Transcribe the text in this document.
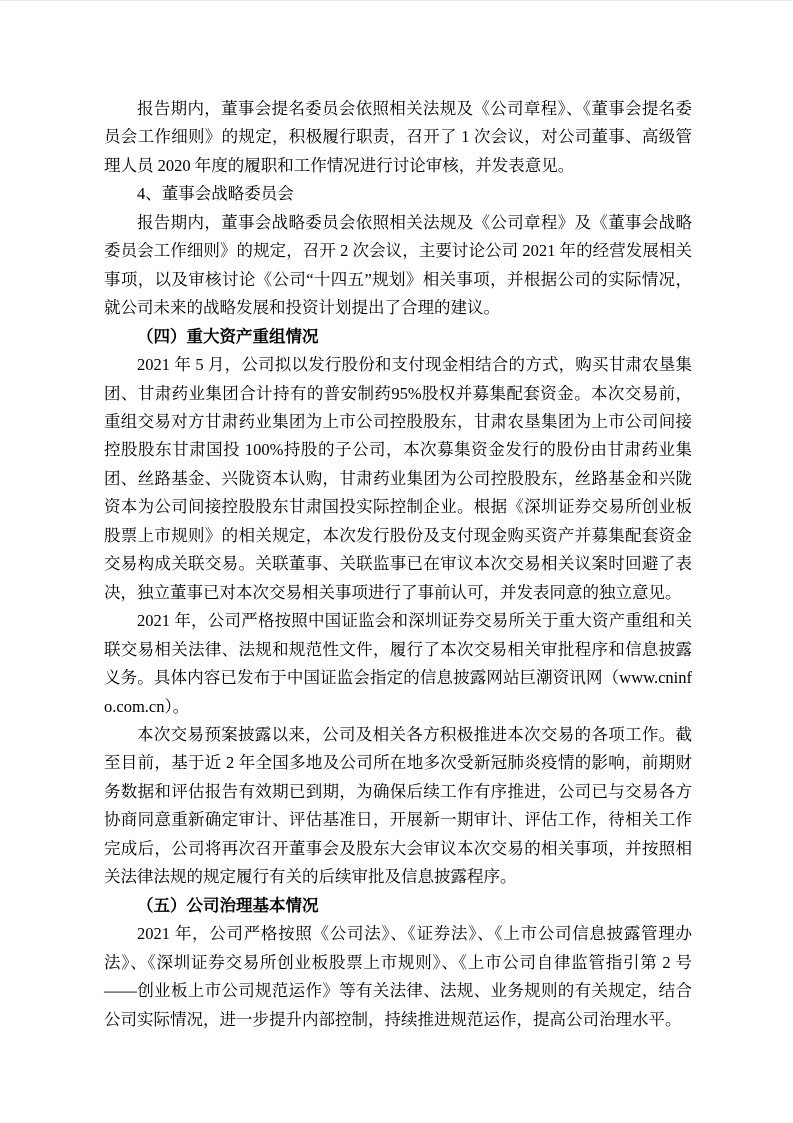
报告期内，董事会提名委员会依照相关法规及《公司章程》、《董事会提名委员会工作细则》的规定，积极履行职责，召开了 1 次会议，对公司董事、高级管理人员 2020 年度的履职和工作情况进行讨论审核，并发表意见。

4、董事会战略委员会

报告期内，董事会战略委员会依照相关法规及《公司章程》及《董事会战略委员会工作细则》的规定，召开 2 次会议，主要讨论公司 2021 年的经营发展相关事项，以及审核讨论《公司“十四五”规划》相关事项，并根据公司的实际情况，就公司未来的战略发展和投资计划提出了合理的建议。

（四）重大资产重组情况

2021 年 5 月，公司拟以发行股份和支付现金相结合的方式，购买甘肃农垦集团、甘肃药业集团合计持有的普安制药95%股权并募集配套资金。本次交易前，重组交易对方甘肃药业集团为上市公司控股股东，甘肃农垦集团为上市公司间接控股股东甘肃国投 100%持股的子公司，本次募集资金发行的股份由甘肃药业集团、丝路基金、兴陇资本认购，甘肃药业集团为公司控股股东，丝路基金和兴陇资本为公司间接控股股东甘肃国投实际控制企业。根据《深圳证券交易所创业板股票上市规则》的相关规定，本次发行股份及支付现金购买资产并募集配套资金交易构成关联交易。关联董事、关联监事已在审议本次交易相关议案时回避了表决，独立董事已对本次交易相关事项进行了事前认可，并发表同意的独立意见。

2021 年，公司严格按照中国证监会和深圳证券交易所关于重大资产重组和关联交易相关法律、法规和规范性文件，履行了本次交易相关审批程序和信息披露义务。具体内容已发布于中国证监会指定的信息披露网站巨潮资讯网（www.cninfo.com.cn）。

本次交易预案披露以来，公司及相关各方积极推进本次交易的各项工作。截至目前，基于近 2 年全国多地及公司所在地多次受新冠肺炎疫情的影响，前期财务数据和评估报告有效期已到期，为确保后续工作有序推进，公司已与交易各方协商同意重新确定审计、评估基准日，开展新一期审计、评估工作，待相关工作完成后，公司将再次召开董事会及股东大会审议本次交易的相关事项，并按照相关法律法规的规定履行有关的后续审批及信息披露程序。

（五）公司治理基本情况

2021 年，公司严格按照《公司法》、《证券法》、《上市公司信息披露管理办法》、《深圳证券交易所创业板股票上市规则》、《上市公司自律监管指引第 2 号——创业板上市公司规范运作》等有关法律、法规、业务规则的有关规定，结合公司实际情况，进一步提升内部控制，持续推进规范运作，提高公司治理水平。
